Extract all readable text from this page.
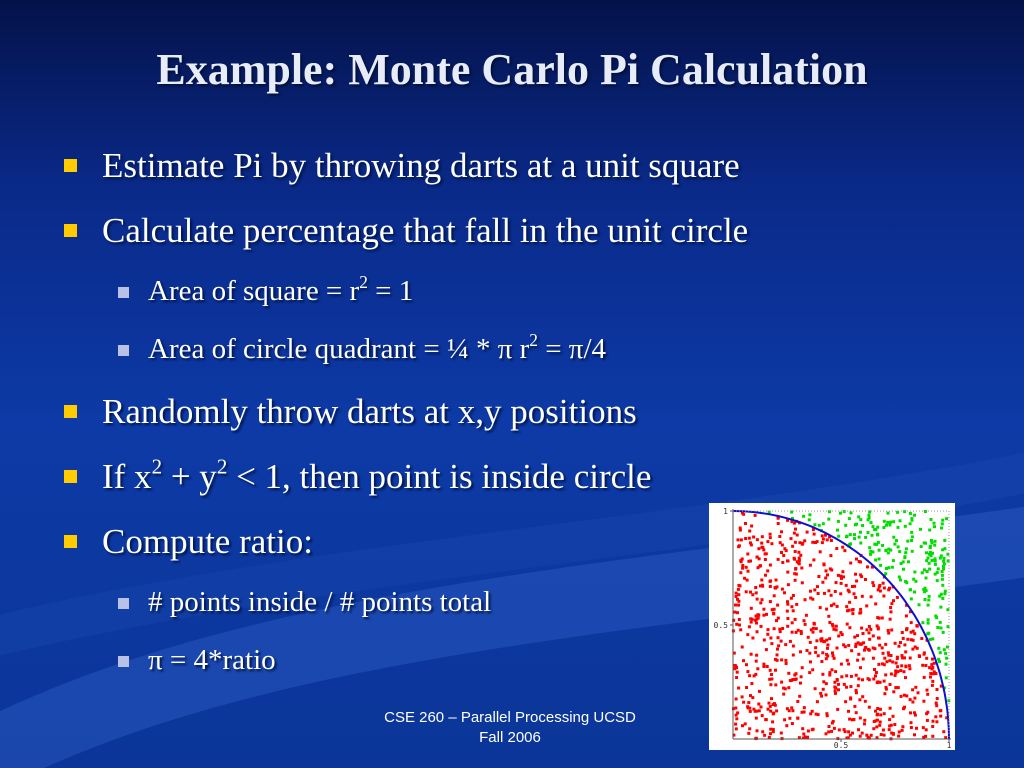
Example: Monte Carlo Pi Calculation
Estimate Pi by throwing darts at a unit square
Calculate percentage that fall in the unit circle
Area of square = $r^2 = 1$
Area of circle quadrant = ¼ * π $r^2 = \pi/4$
Randomly throw darts at x,y positions
If $x^2 + y^2 < 1$, then point is inside circle
Compute ratio:
# points inside / # points total
π = 4*ratio
0.5	1
0.5
1
CSE 260 – Parallel Processing UCSD
Fall 2006
